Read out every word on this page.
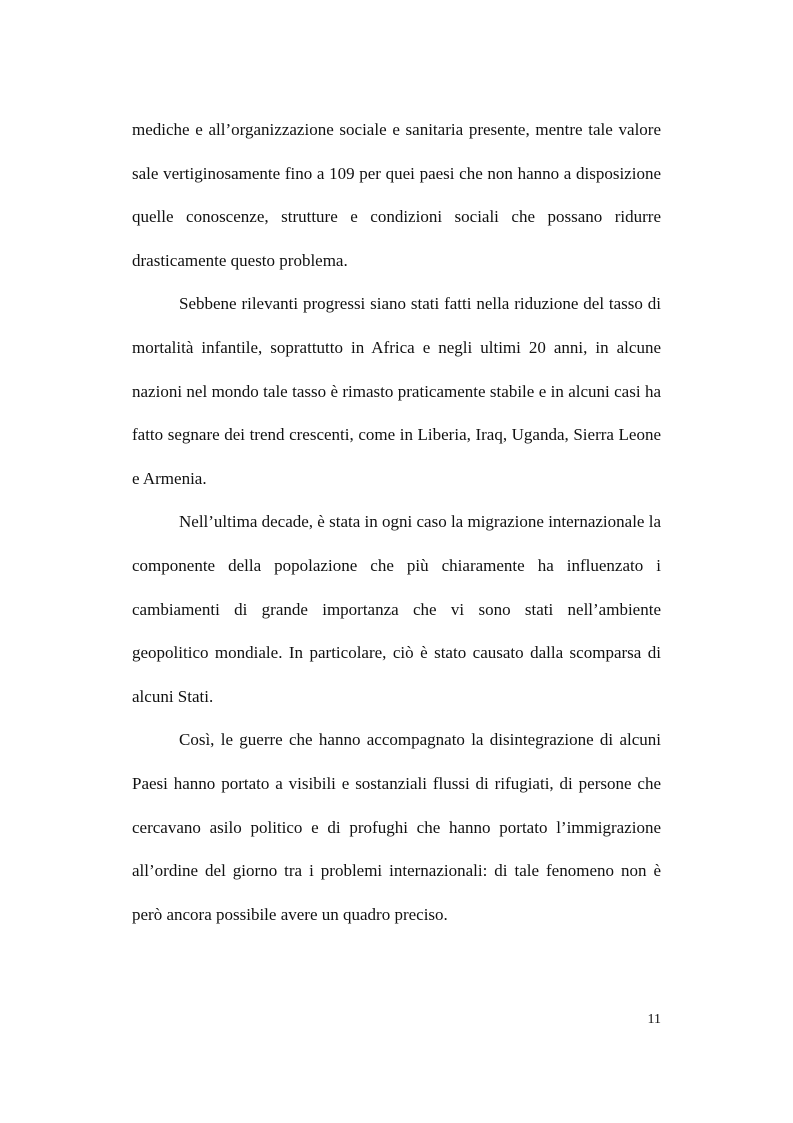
mediche e all’organizzazione sociale e sanitaria presente, mentre tale valore sale vertiginosamente fino a 109 per quei paesi che non hanno a disposizione quelle conoscenze, strutture e condizioni sociali che possano ridurre drasticamente questo problema.

Sebbene rilevanti progressi siano stati fatti nella riduzione del tasso di mortalità infantile, soprattutto in Africa e negli ultimi 20 anni, in alcune nazioni nel mondo tale tasso è rimasto praticamente stabile e in alcuni casi ha fatto segnare dei trend crescenti, come in Liberia, Iraq, Uganda, Sierra Leone e Armenia.

Nell’ultima decade, è stata in ogni caso la migrazione internazionale la componente della popolazione che più chiaramente ha influenzato i cambiamenti di grande importanza che vi sono stati nell’ambiente geopolitico mondiale. In particolare, ciò è stato causato dalla scomparsa di alcuni Stati.

Così, le guerre che hanno accompagnato la disintegrazione di alcuni Paesi hanno portato a visibili e sostanziali flussi di rifugiati, di persone che cercavano asilo politico e di profughi che hanno portato l’immigrazione all’ordine del giorno tra i problemi internazionali: di tale fenomeno non è però ancora possibile avere un quadro preciso.

11
